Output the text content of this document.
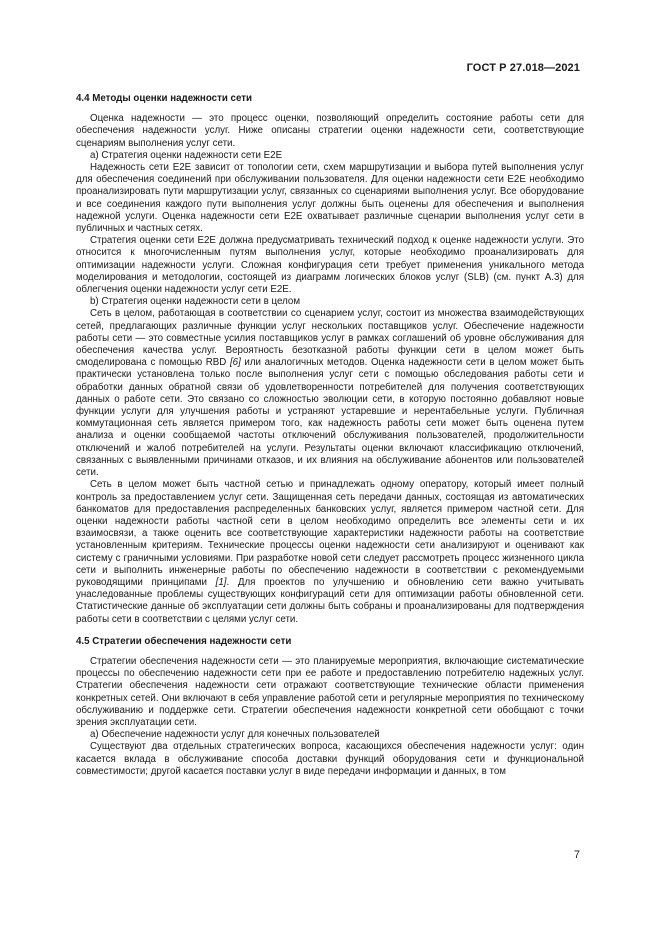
ГОСТ Р 27.018—2021
4.4 Методы оценки надежности сети

Оценка надежности — это процесс оценки, позволяющий определить состояние работы сети для обеспечения надежности услуг. Ниже описаны стратегии оценки надежности сети, соответствующие сценариям выполнения услуг сети.

а) Стратегия оценки надежности сети E2E

Надежность сети E2E зависит от топологии сети, схем маршрутизации и выбора путей выполнения услуг для обеспечения соединений при обслуживании пользователя. Для оценки надежности сети E2E необходимо проанализировать пути маршрутизации услуг, связанных со сценариями выполнения услуг. Все оборудование и все соединения каждого пути выполнения услуг должны быть оценены для обеспечения и выполнения надежной услуги. Оценка надежности сети E2E охватывает различные сценарии выполнения услуг сети в публичных и частных сетях.

Стратегия оценки сети E2E должна предусматривать технический подход к оценке надежности услуги. Это относится к многочисленным путям выполнения услуг, которые необходимо проанализировать для оптимизации надежности услуги. Сложная конфигурация сети требует применения уникального метода моделирования и методологии, состоящей из диаграмм логических блоков услуг (SLB) (см. пункт А.3) для облегчения оценки надежности услуг сети E2E.

b) Стратегия оценки надежности сети в целом

Сеть в целом, работающая в соответствии со сценарием услуг, состоит из множества взаимодействующих сетей, предлагающих различные функции услуг нескольких поставщиков услуг. Обеспечение надежности работы сети — это совместные усилия поставщиков услуг в рамках соглашений об уровне обслуживания для обеспечения качества услуг. Вероятность безотказной работы функции сети в целом может быть смоделирована с помощью RBD [6] или аналогичных методов. Оценка надежности сети в целом может быть практически установлена только после выполнения услуг сети с помощью обследования работы сети и обработки данных обратной связи об удовлетворенности потребителей для получения соответствующих данных о работе сети. Это связано со сложностью эволюции сети, в которую постоянно добавляют новые функции услуги для улучшения работы и устраняют устаревшие и нерентабельные услуги. Публичная коммутационная сеть является примером того, как надежность работы сети может быть оценена путем анализа и оценки сообщаемой частоты отключений обслуживания пользователей, продолжительности отключений и жалоб потребителей на услуги. Результаты оценки включают классификацию отключений, связанных с выявленными причинами отказов, и их влияния на обслуживание абонентов или пользователей сети.

Сеть в целом может быть частной сетью и принадлежать одному оператору, который имеет полный контроль за предоставлением услуг сети. Защищенная сеть передачи данных, состоящая из автоматических банкоматов для предоставления распределенных банковских услуг, является примером частной сети. Для оценки надежности работы частной сети в целом необходимо определить все элементы сети и их взаимосвязи, а также оценить все соответствующие характеристики надежности работы на соответствие установленным критериям. Технические процессы оценки надежности сети анализируют и оценивают как систему с граничными условиями. При разработке новой сети следует рассмотреть процесс жизненного цикла сети и выполнить инженерные работы по обеспечению надежности в соответствии с рекомендуемыми руководящими принципами [1]. Для проектов по улучшению и обновлению сети важно учитывать унаследованные проблемы существующих конфигураций сети для оптимизации работы обновленной сети. Статистические данные об эксплуатации сети должны быть собраны и проанализированы для подтверждения работы сети в соответствии с целями услуг сети.

4.5 Стратегии обеспечения надежности сети

Стратегии обеспечения надежности сети — это планируемые мероприятия, включающие систематические процессы по обеспечению надежности сети при ее работе и предоставлению потребителю надежных услуг. Стратегии обеспечения надежности сети отражают соответствующие технические области применения конкретных сетей. Они включают в себя управление работой сети и регулярные мероприятия по техническому обслуживанию и поддержке сети. Стратегии обеспечения надежности конкретной сети обобщают с точки зрения эксплуатации сети.

а) Обеспечение надежности услуг для конечных пользователей

Существуют два отдельных стратегических вопроса, касающихся обеспечения надежности услуг: один касается вклада в обслуживание способа доставки функций оборудования сети и функциональной совместимости; другой касается поставки услуг в виде передачи информации и данных, в том

7
